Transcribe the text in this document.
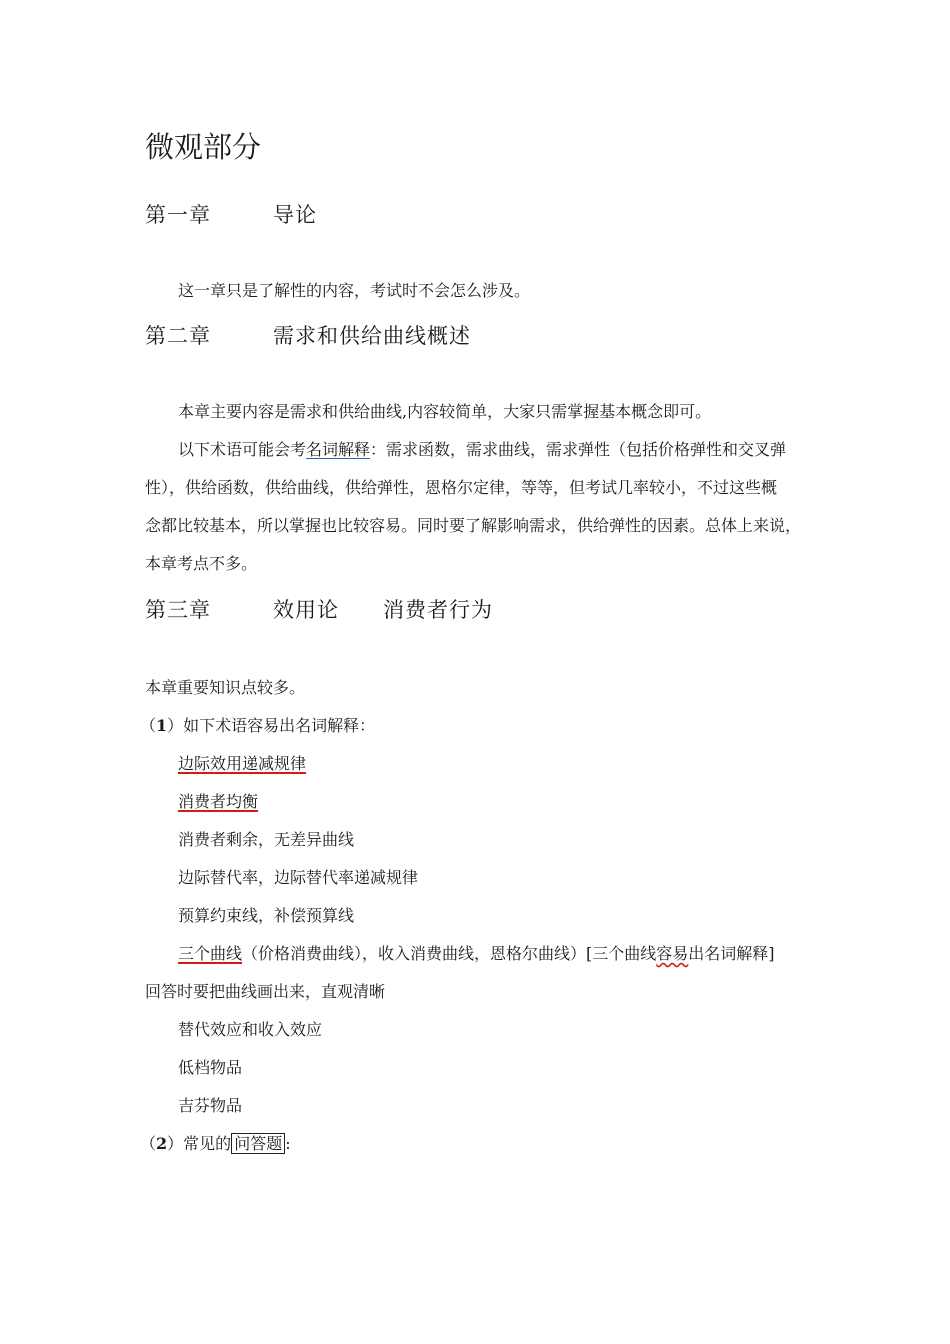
微观部分
第一章	导论
这一章只是了解性的内容，考试时不会怎么涉及。
第二章	需求和供给曲线概述
本章主要内容是需求和供给曲线,内容较简单，大家只需掌握基本概念即可。
以下术语可能会考名词解释：需求函数，需求曲线，需求弹性（包括价格弹性和交叉弹
性），供给函数，供给曲线，供给弹性，恩格尔定律，等等，但考试几率较小，不过这些概
念都比较基本，所以掌握也比较容易。同时要了解影响需求，供给弹性的因素。总体上来说，
本章考点不多。
第三章	效用论 消费者行为
本章重要知识点较多。
（1）如下术语容易出名词解释：
边际效用递减规律
消费者均衡
消费者剩余，无差异曲线
边际替代率，边际替代率递减规律
预算约束线，补偿预算线
三个曲线（价格消费曲线），收入消费曲线，恩格尔曲线）[三个曲线容易出名词解释]
回答时要把曲线画出来，直观清晰
替代效应和收入效应
低档物品
吉芬物品
（2）常见的 问答题 :
